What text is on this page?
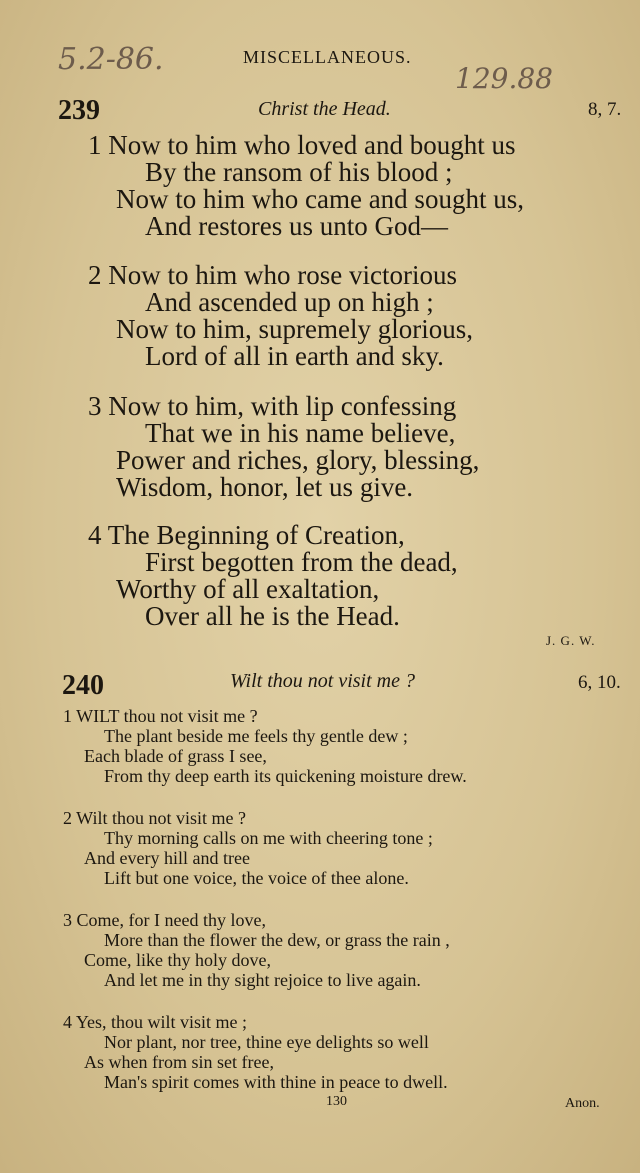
5.2-86.
129.88
MISCELLANEOUS.
239	Christ the Head.	8, 7.
1 Now to him who loved and bought us
By the ransom of his blood ;
Now to him who came and sought us,
And restores us unto God—
2 Now to him who rose victorious
And ascended up on high ;
Now to him, supremely glorious,
Lord of all in earth and sky.
3 Now to him, with lip confessing
That we in his name believe,
Power and riches, glory, blessing,
Wisdom, honor, let us give.
4 The Beginning of Creation,
First begotten from the dead,
Worthy of all exaltation,
Over all he is the Head.
J. G. W.
240	Wilt thou not visit me ?	6, 10.
1 WILT thou not visit me ?
The plant beside me feels thy gentle dew ;
Each blade of grass I see,
From thy deep earth its quickening moisture drew.
2 Wilt thou not visit me ?
Thy morning calls on me with cheering tone ;
And every hill and tree
Lift but one voice, the voice of thee alone.
3 Come, for I need thy love,
More than the flower the dew, or grass the rain ,
Come, like thy holy dove,
And let me in thy sight rejoice to live again.
4 Yes, thou wilt visit me ;
Nor plant, nor tree, thine eye delights so well
As when from sin set free,
Man's spirit comes with thine in peace to dwell.
130	Anon.
